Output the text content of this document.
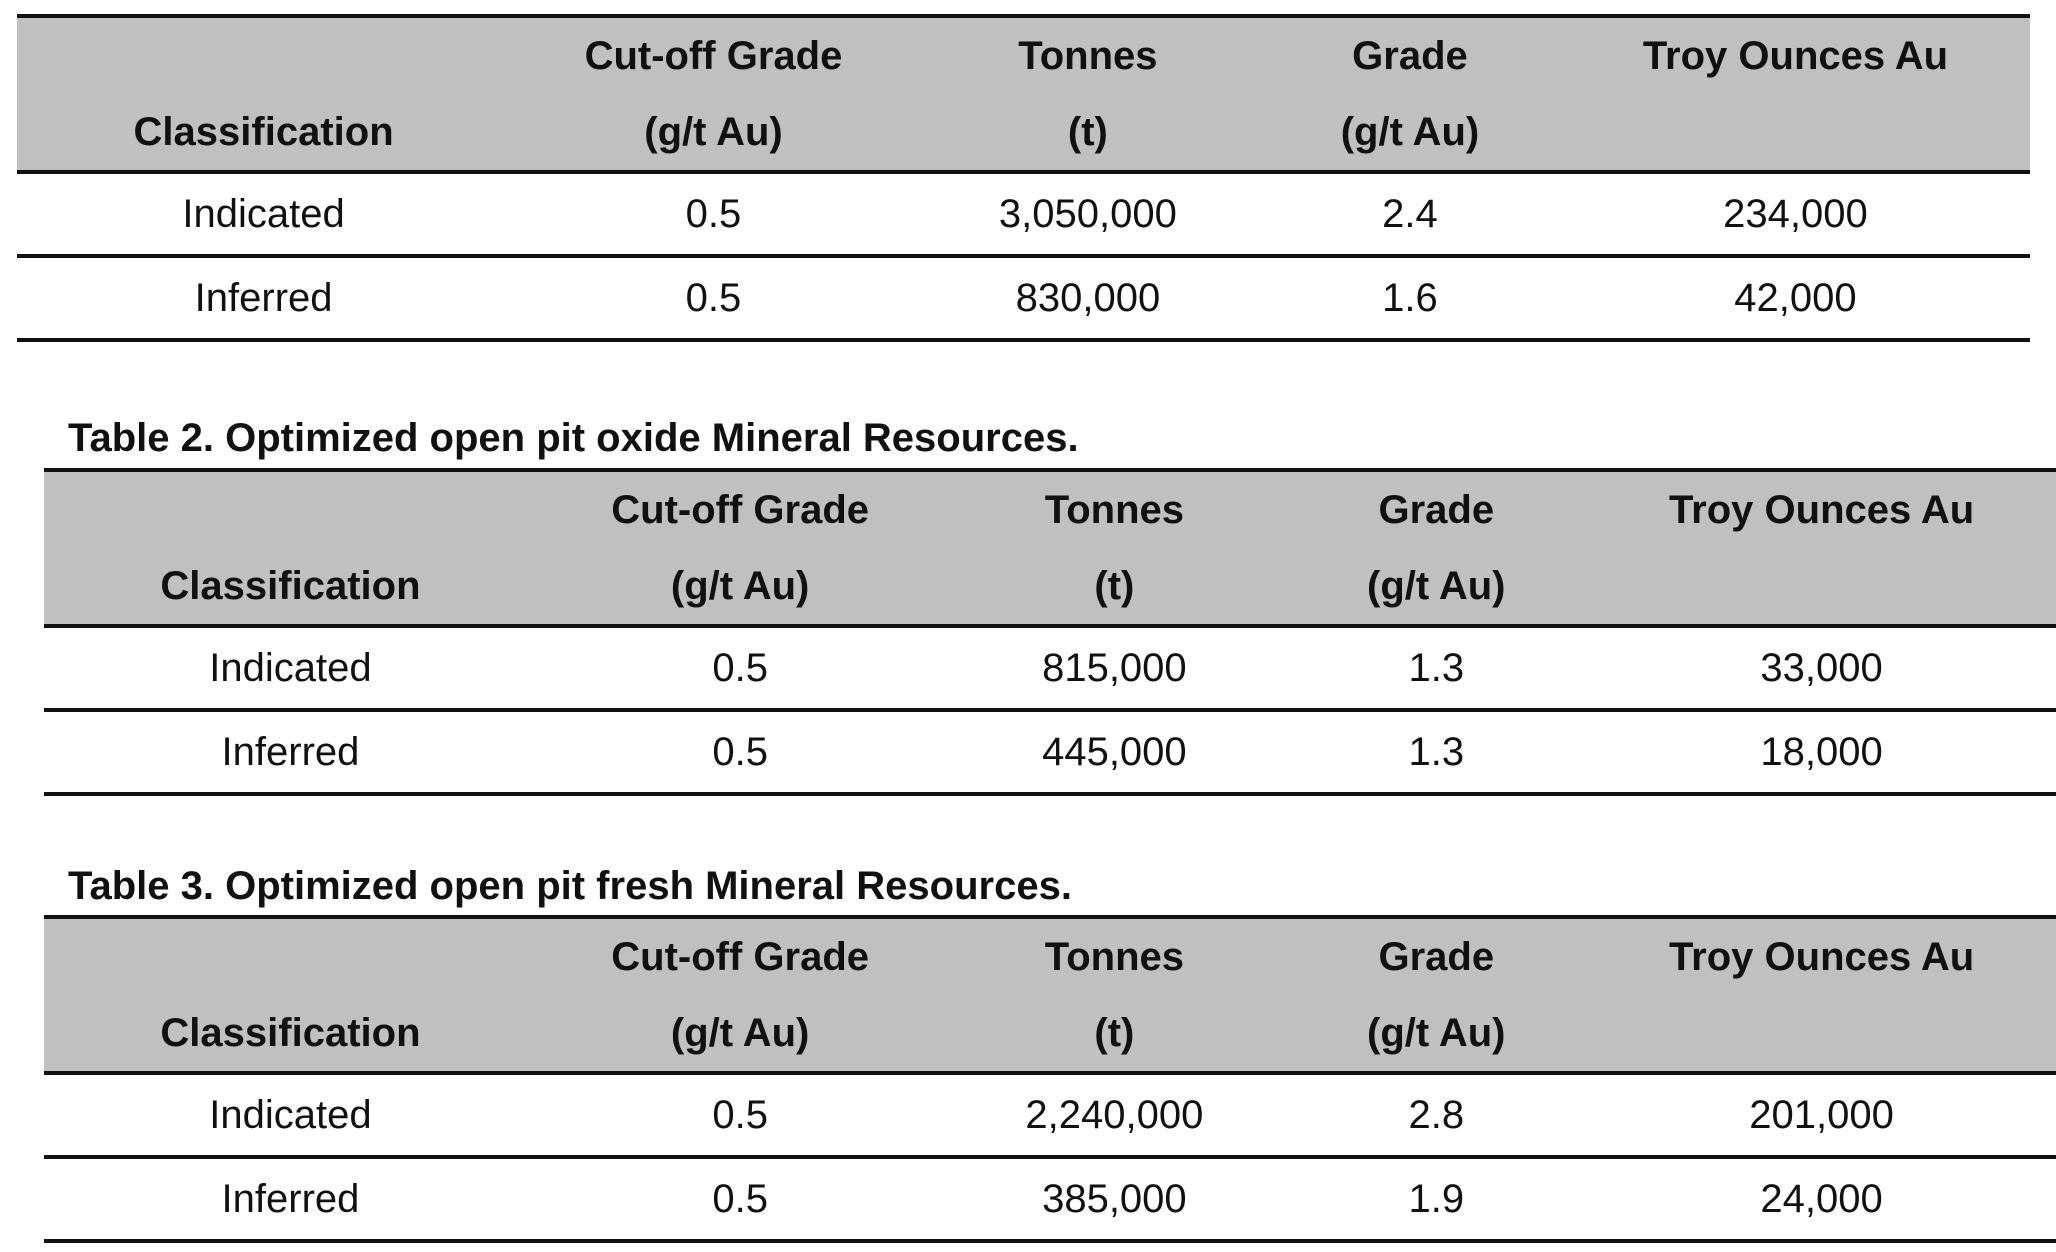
	Cut-off Grade	Tonnes	Grade	Troy Ounces Au
Classification	(g/t Au)	(t)	(g/t Au)	
Indicated	0.5	3,050,000	2.4	234,000
Inferred	0.5	830,000	1.6	42,000
Table 2. Optimized open pit oxide Mineral Resources.
	Cut-off Grade	Tonnes	Grade	Troy Ounces Au
Classification	(g/t Au)	(t)	(g/t Au)	
Indicated	0.5	815,000	1.3	33,000
Inferred	0.5	445,000	1.3	18,000
Table 3. Optimized open pit fresh Mineral Resources.
	Cut-off Grade	Tonnes	Grade	Troy Ounces Au
Classification	(g/t Au)	(t)	(g/t Au)	
Indicated	0.5	2,240,000	2.8	201,000
Inferred	0.5	385,000	1.9	24,000
